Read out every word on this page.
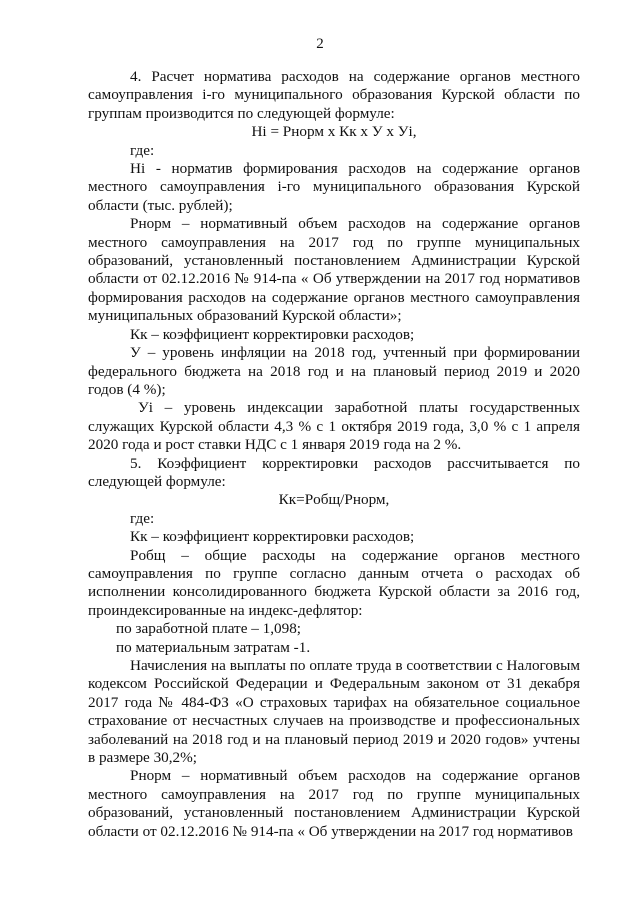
2

4. Расчет норматива расходов на содержание органов местного самоуправления i-го муниципального образования Курской области по группам производится по следующей формуле:

Hi = Pнорм x Кк x У x Уi,

где:

Hi - норматив формирования расходов на содержание органов местного самоуправления i-го муниципального образования Курской области (тыс. рублей);

Pнорм – нормативный объем расходов на содержание органов местного самоуправления на 2017 год по группе муниципальных образований, установленный постановлением Администрации Курской области от 02.12.2016 № 914-па « Об утверждении на 2017 год нормативов формирования расходов на содержание органов местного самоуправления муниципальных образований Курской области»;

Кк – коэффициент корректировки расходов;

У – уровень инфляции на 2018 год, учтенный при формировании федерального бюджета на 2018 год и на плановый период 2019 и 2020 годов (4 %);

Уi – уровень индексации заработной платы государственных служащих Курской области 4,3 % с 1 октября 2019 года, 3,0 % с 1 апреля 2020 года и рост ставки НДС с 1 января 2019 года на 2 %.

5. Коэффициент корректировки расходов рассчитывается по следующей формуле:

Кк=Pобщ/Pнорм,

где:

Кк – коэффициент корректировки расходов;

Pобщ – общие расходы на содержание органов местного самоуправления по группе согласно данным отчета о расходах об исполнении консолидированного бюджета Курской области за 2016 год, проиндексированные на индекс-дефлятор:

по заработной плате – 1,098;

по материальным затратам -1.

Начисления на выплаты по оплате труда в соответствии с Налоговым кодексом Российской Федерации и Федеральным законом от 31 декабря 2017 года № 484-ФЗ «О страховых тарифах на обязательное социальное страхование от несчастных случаев на производстве и профессиональных заболеваний на 2018 год и на плановый период 2019 и 2020 годов» учтены в размере 30,2%;

Pнорм – нормативный объем расходов на содержание органов местного самоуправления на 2017 год по группе муниципальных образований, установленный постановлением Администрации Курской области от 02.12.2016 № 914-па « Об утверждении на 2017 год нормативов
